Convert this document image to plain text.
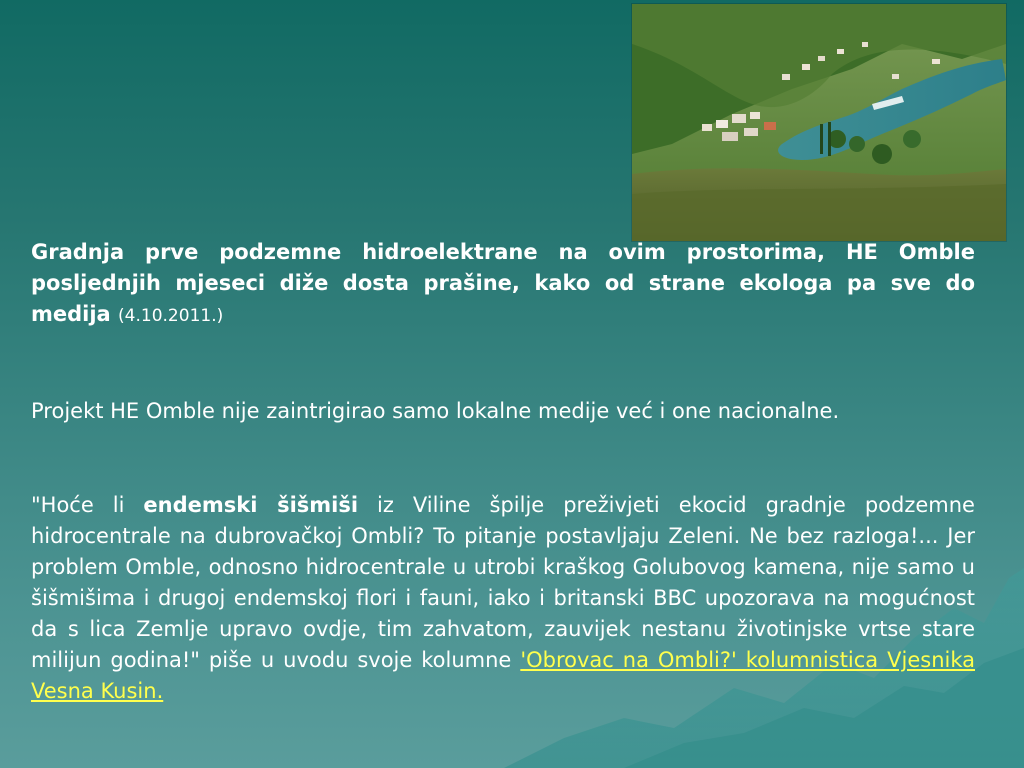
Gradnja prve podzemne hidroelektrane na ovim prostorima, HE Omble posljednjih mjeseci diže dosta prašine, kako od strane ekologa pa sve do medija (4.10.2011.)

Projekt HE Omble nije zaintrigirao samo lokalne medije već i one nacionalne.

"Hoće li endemski šišmiši iz Viline špilje preživjeti ekocid gradnje podzemne hidrocentrale na dubrovačkoj Ombli? To pitanje postavljaju Zeleni. Ne bez razloga!... Jer problem Omble, odnosno hidrocentrale u utrobi kraškog Golubovog kamena, nije samo u šišmišima i drugoj endemskoj flori i fauni, iako i britanski BBC upozorava na mogućnost da s lica Zemlje upravo ovdje, tim zahvatom, zauvijek nestanu životinjske vrtse stare milijun godina!" piše u uvodu svoje kolumne 'Obrovac na Ombli?' kolumnistica Vjesnika Vesna Kusin.
